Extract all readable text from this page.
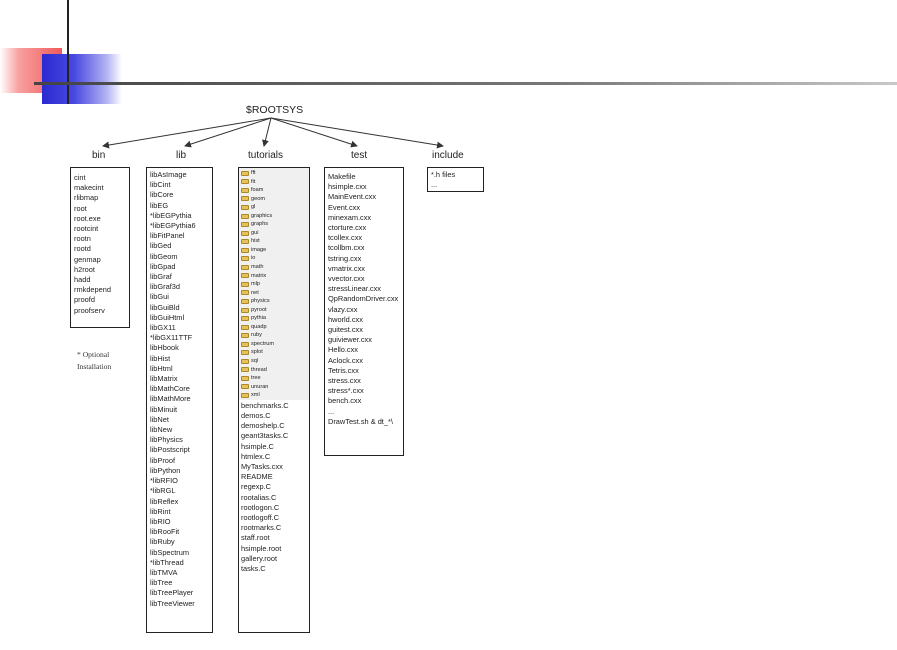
$ROOTSYS
bin	lib	tutorials	test	include
cint
makecint
rlibmap
root
root.exe
rootcint
rootn
rootd
genmap
h2root
hadd
rmkdepend
proofd
proofserv
* Optional
Installation
libAsImage
libCint
libCore
libEG
*libEGPythia
*libEGPythia6
libFitPanel
libGed
libGeom
libGpad
libGraf
libGraf3d
libGui
libGuiBld
libGuiHtml
libGX11
*libGX11TTF
libHbook
libHist
libHtml
libMatrix
libMathCore
libMathMore
libMinuit
libNet
libNew
libPhysics
libPostscript
libProof
libPython
*libRFIO
*libRGL
libReflex
libRint
libRIO
libRooFit
libRuby
libSpectrum
*libThread
libTMVA
libTree
libTreePlayer
libTreeViewer
fft
fit
foam
geom
gl
graphics
graphs
gui
hist
image
io
math
matrix
mlp
net
physics
pyroot
pythia
quadp
ruby
spectrum
splot
sql
thread
tree
unuran
xml
benchmarks.C
demos.C
demoshelp.C
geant3tasks.C
hsimple.C
htmlex.C
MyTasks.cxx
README
regexp.C
rootalias.C
rootlogon.C
rootlogoff.C
rootmarks.C
staff.root
hsimple.root
gallery.root
tasks.C
Makefile
hsimple.cxx
MainEvent.cxx
Event.cxx
minexam.cxx
ctorture.cxx
tcollex.cxx
tcollbm.cxx
tstring.cxx
vmatrix.cxx
vvector.cxx
stressLinear.cxx
QpRandomDriver.cxx
vlazy.cxx
hworld.cxx
guitest.cxx
guiviewer.cxx
Hello.cxx
Aclock.cxx
Tetris.cxx
stress.cxx
stress*.cxx
bench.cxx
...
DrawTest.sh & dt_*\
*.h files
...
